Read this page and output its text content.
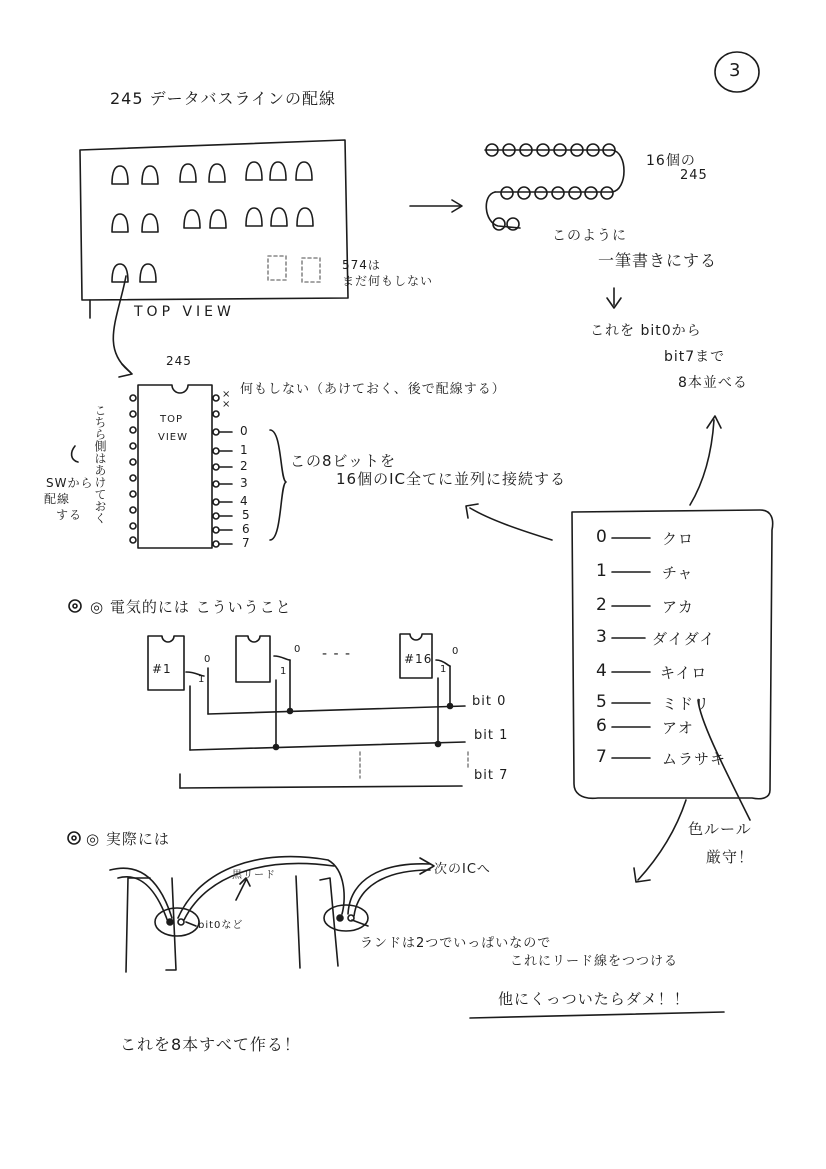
3
245 データバスラインの配線
TOP VIEW
574は
まだ何もしない
16個の
245
このように
一筆書きにする
これを bit0から
bit7まで
8本並べる
245
TOP
VIEW
×
×
何もしない（あけておく、後で配線する）
こちら側はあけておく
SWから
配線
する
0
1
2
3
4
5
6
7
この8ビットを
16個のIC全てに並列に接続する
0	クロ
1	チャ
2	アカ
3	ダイダイ
4	キイロ
5	ミドリ
6	アオ
7	ムラサキ
色ルール
厳守！
◎ 電気的には こういうこと
#1
#16
0
1
0
1
0
1
- - -
bit 0
bit 1
bit 7
◎ 実際には
次のICへ
黒リード
bit0など
ランドは2つでいっぱいなので
これにリード線をつつける
他にくっついたらダメ！！
これを8本すべて作る！
